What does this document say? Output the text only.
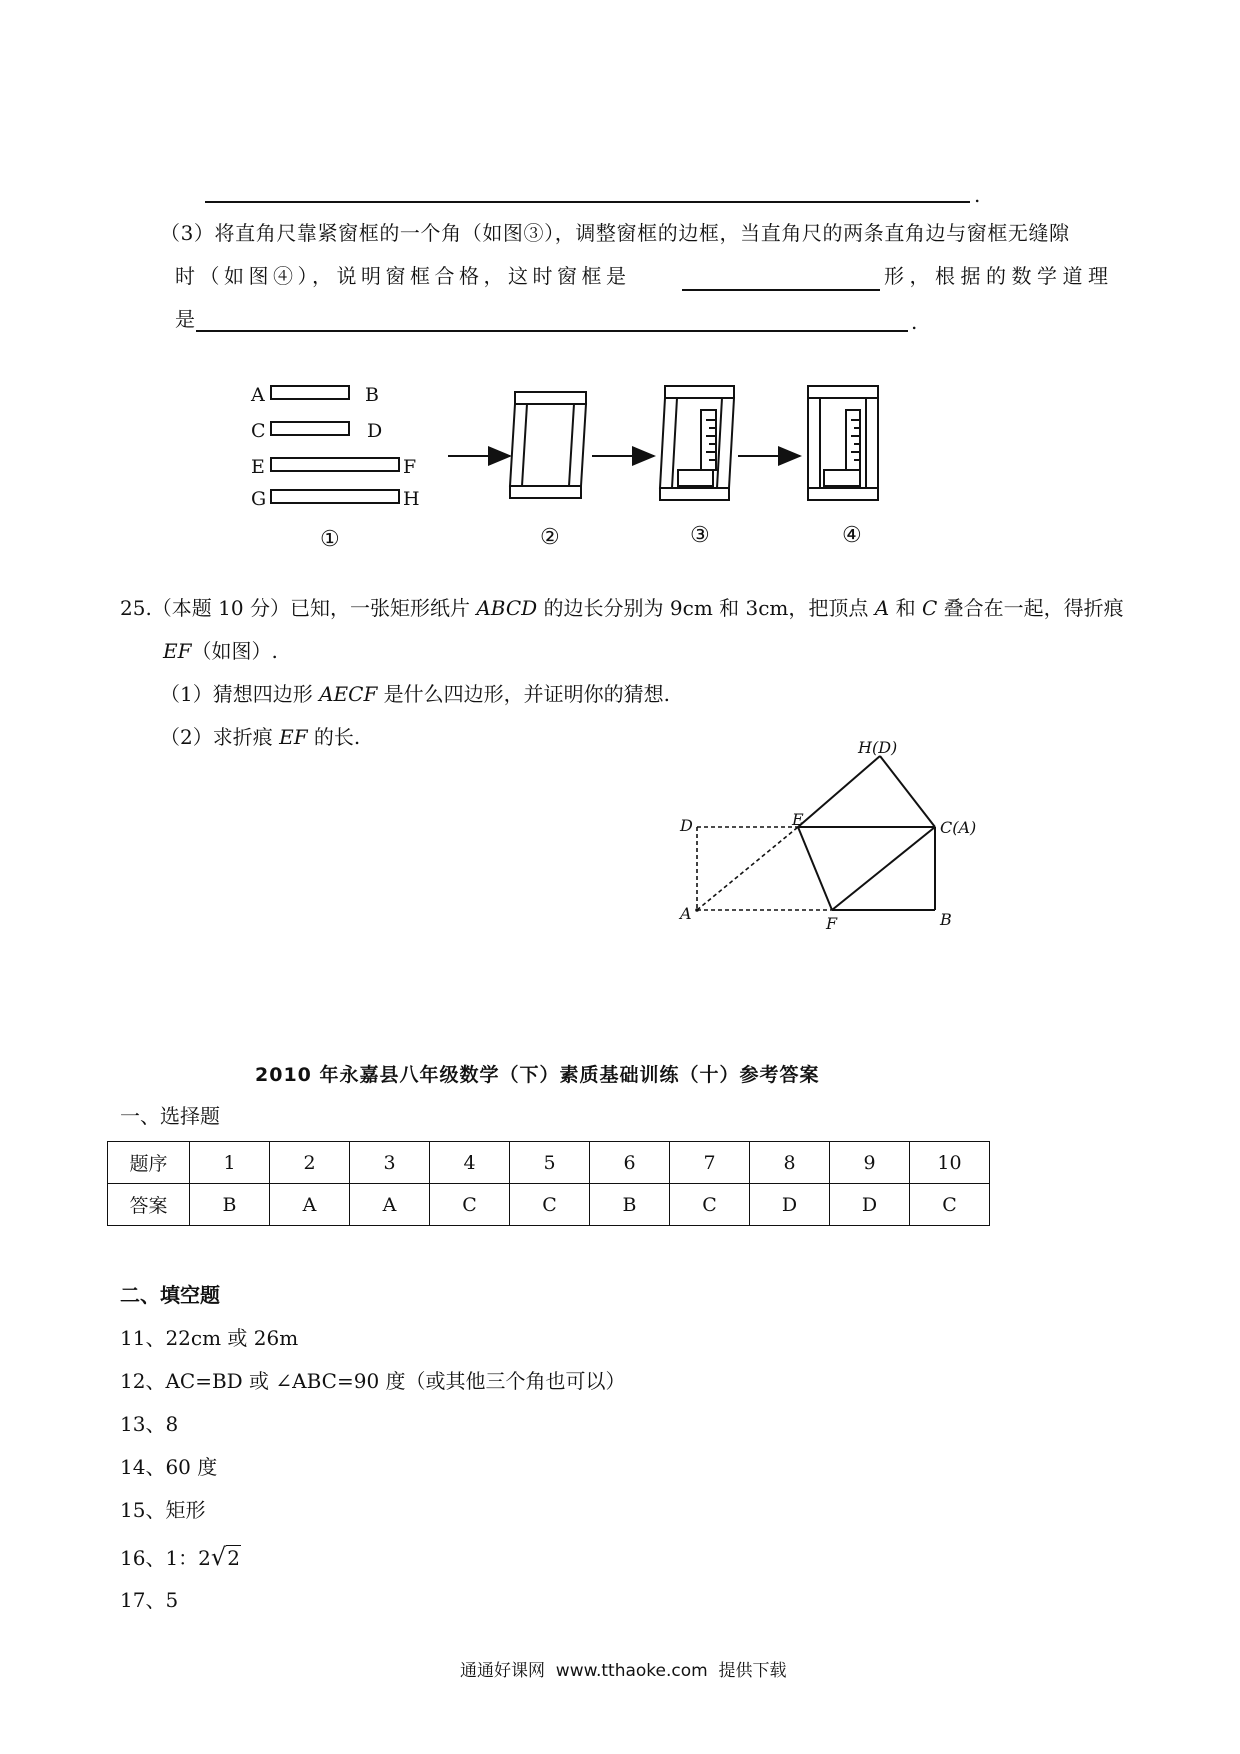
.
（3）将直角尺靠紧窗框的一个角（如图③），调整窗框的边框，当直角尺的两条直角边与窗框无缝隙
时（如图④），说明窗框合格，这时窗框是	形，根据的数学道理
是	.
A	B
C	D
E	F
G	H
①	②	③	④
25.（本题 10 分）已知，一张矩形纸片 ABCD 的边长分别为 9cm 和 3cm，把顶点 A 和 C 叠合在一起，得折痕
EF（如图）.
（1）猜想四边形 AECF 是什么四边形，并证明你的猜想.
（2）求折痕 EF 的长.	H(D)
D	E	C(A)
A
F	B
2010 年永嘉县八年级数学（下）素质基础训练（十）参考答案
一、选择题
题序	1	2	3	4	5	6	7	8	9	10
答案	B	A	A	C	C	B	C	D	D	C
二、填空题
11、22cm 或 26m
12、AC=BD 或 ∠ABC=90 度（或其他三个角也可以）
13、8
14、60 度
15、矩形
16、1：2√2
17、5
通通好课网  www.tthaoke.com  提供下载
